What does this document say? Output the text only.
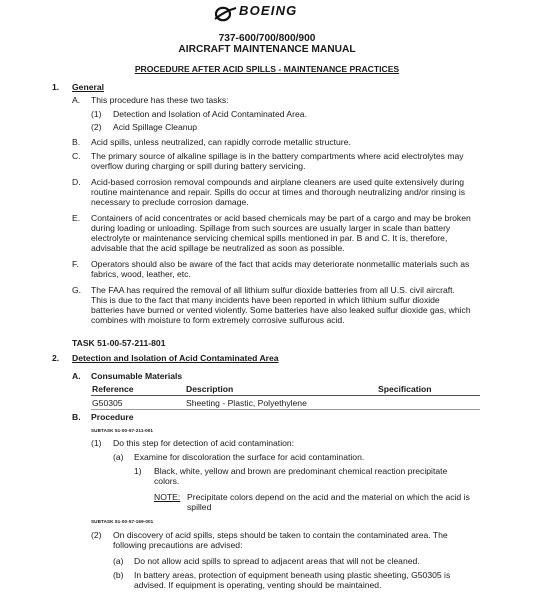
BOEING
737-600/700/800/900
AIRCRAFT MAINTENANCE MANUAL
PROCEDURE AFTER ACID SPILLS - MAINTENANCE PRACTICES
1. General
A. This procedure has these two tasks:
(1) Detection and Isolation of Acid Contaminated Area.
(2) Acid Spillage Cleanup
B. Acid spills, unless neutralized, can rapidly corrode metallic structure.
C. The primary source of alkaline spillage is in the battery compartments where acid electrolytes may
overflow during charging or spill during battery servicing.
D. Acid-based corrosion removal compounds and airplane cleaners are used quite extensively during
routine maintenance and repair. Spills do occur at times and thorough neutralizing and/or rinsing is
necessary to preclude corrosion damage.
E. Containers of acid concentrates or acid based chemicals may be part of a cargo and may be broken
during loading or unloading. Spillage from such sources are usually larger in scale than battery
electrolyte or maintenance servicing chemical spills mentioned in par. B and C. It is, therefore,
advisable that the acid spillage be neutralized as soon as possible.
F. Operators should also be aware of the fact that acids may deteriorate nonmetallic materials such as
fabrics, wood, leather, etc.
G. The FAA has required the removal of all lithium sulfur dioxide batteries from all U.S. civil aircraft.
This is due to the fact that many incidents have been reported in which lithium sulfur dioxide
batteries have burned or vented violently. Some batteries have also leaked sulfur dioxide gas, which
combines with moisture to form extremely corrosive sulfurous acid.
TASK 51-00-57-211-801
2. Detection and Isolation of Acid Contaminated Area
A. Consumable Materials
Reference	Description	Specification
G50305	Sheeting - Plastic, Polyethylene
B. Procedure
SUBTASK 51-00-57-211-001
(1) Do this step for detection of acid contamination:
(a) Examine for discoloration the surface for acid contamination.
1) Black, white, yellow and brown are predominant chemical reaction precipitate
colors.
NOTE: Precipitate colors depend on the acid and the material on which the acid is
spilled
SUBTASK 51-00-57-169-001
(2) On discovery of acid spills, steps should be taken to contain the contaminated area. The
following precautions are advised:
(a) Do not allow acid spills to spread to adjacent areas that will not be cleaned.
(b) In battery areas, protection of equipment beneath using plastic sheeting, G50305 is
advised. If equipment is operating, venting should be maintained.
